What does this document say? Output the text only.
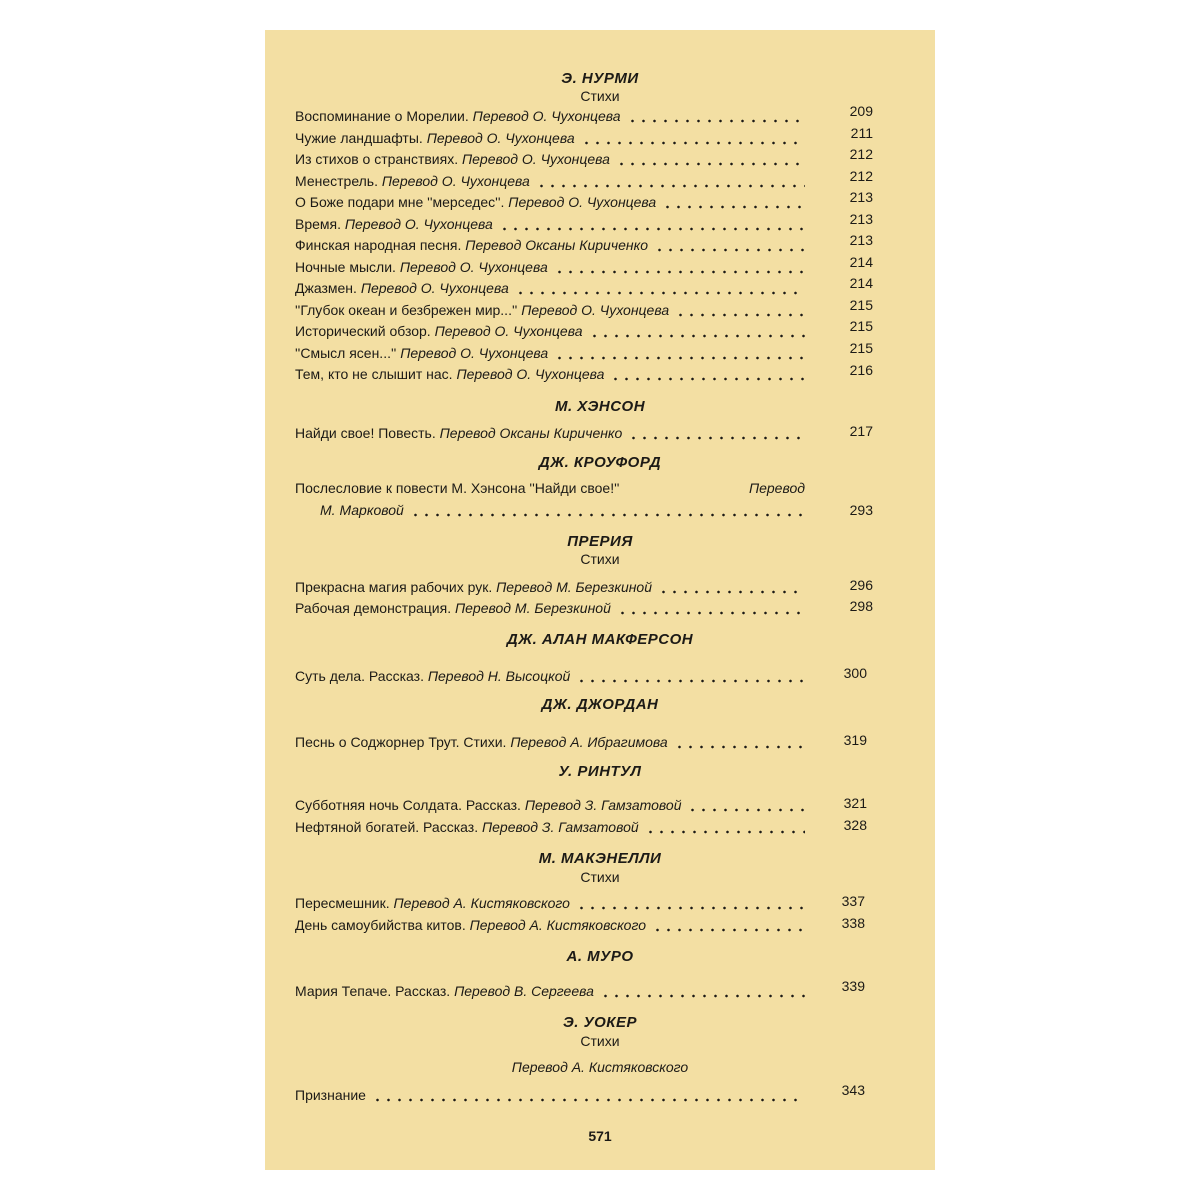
Э. НУРМИ
Стихи
Воспоминание о Морелии. Перевод О. Чухонцева	209
Чужие ландшафты. Перевод О. Чухонцева	211
Из стихов о странствиях. Перевод О. Чухонцева	212
Менестрель. Перевод О. Чухонцева	212
О Боже подари мне ''мерседес''. Перевод О. Чухонцева	213
Время. Перевод О. Чухонцева	213
Финская народная песня. Перевод Оксаны Кириченко	213
Ночные мысли. Перевод О. Чухонцева	214
Джазмен. Перевод О. Чухонцева	214
''Глубок океан и безбрежен мир...'' Перевод О. Чухонцева	215
Исторический обзор. Перевод О. Чухонцева	215
''Смысл ясен...'' Перевод О. Чухонцева	215
Тем, кто не слышит нас. Перевод О. Чухонцева	216
М. ХЭНСОН
Найди свое! Повесть. Перевод Оксаны Кириченко	217
ДЖ. КРОУФОРД
Послесловие к повести М. Хэнсона ''Найди свое!''	Перевод
М. Марковой	293
ПРЕРИЯ
Стихи
Прекрасна магия рабочих рук. Перевод М. Березкиной	296
Рабочая демонстрация. Перевод М. Березкиной	298
ДЖ. АЛАН МАКФЕРСОН
Суть дела. Рассказ. Перевод Н. Высоцкой	300
ДЖ. ДЖОРДАН
Песнь о Соджорнер Трут. Стихи. Перевод А. Ибрагимова	319
У. РИНТУЛ
Субботняя ночь Солдата. Рассказ. Перевод З. Гамзатовой	321
Нефтяной богатей. Рассказ. Перевод З. Гамзатовой	328
М. МАКЭНЕЛЛИ
Стихи
Пересмешник. Перевод А. Кистяковского	337
День самоубийства китов. Перевод А. Кистяковского	338
А. МУРО
Мария Тепаче. Рассказ. Перевод В. Сергеева	339
Э. УОКЕР
Стихи
Перевод А. Кистяковского
Признание	343
571
